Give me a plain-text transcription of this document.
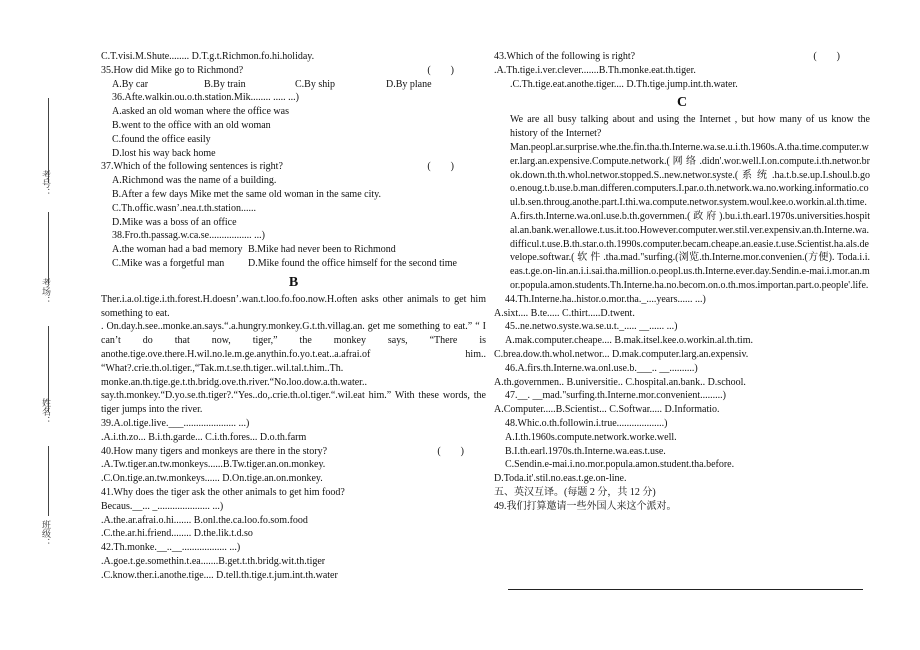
考号：
考场：
姓名：
班级：
C.T.visi.M.Shute........ D.T.g.t.Richmon.fo.hi.holiday.
35.How did Mike go to Richmond?	(　　)
A.By car	B.By train	C.By ship	D.By plane
36.Afte.walkin.ou.o.th.station.Mik........ ..... ...)
A.asked an old woman where the office was
B.went to the office with an old woman
C.found the office easily
D.lost his way back home
37.Which of the following sentences is right?	(　　)
A.Richmond was the name of a building.
B.After a few days Mike met the same old woman in the same city.
C.Th.offic.wasn’.nea.t.th.station......
D.Mike was a boss of an office
38.Fro.th.passag.w.ca.se................. ...)
A.the woman had a bad memory B.Mike had never been to Richmond
C.Mike was a forgetful man	D.Mike found the office himself for the second time
B
Ther.i.a.ol.tige.i.th.forest.H.doesn’.wan.t.loo.fo.foo.now.H.often asks other animals to get him something to eat.
. On.day.h.see..monke.an.says.“.a.hungry.monkey.G.t.th.villag.an. get me something to eat.” “ I can’t do that now, tiger,” the monkey says, “There is anothe.tige.ove.there.H.wil.no.le.m.ge.anythin.fo.yo.t.eat..a.afrai.of him.. “What?.crie.th.ol.tiger.,“Tak.m.t.se.th.tiger..wil.tal.t.him..Th. monke.an.th.tige.ge.t.th.bridg.ove.th.river.“No.loo.dow.a.th.water.. say.th.monkey.“D.yo.se.th.tiger?.“Yes..do,.crie.th.ol.tiger.“.wil.eat him.” With these words, the tiger jumps into the river.
39.A.ol.tige.live.___..................... ...)
.A.i.th.zo... B.i.th.garde... C.i.th.fores... D.o.th.farm
40.How many tigers and monkeys are there in the story?	(　　)
.A.Tw.tiger.an.tw.monkeys......B.Tw.tiger.an.on.monkey.
.C.On.tige.an.tw.monkeys...... D.On.tige.an.on.monkey.
41.Why does the tiger ask the other animals to get him food?
Becaus.__... _..................... ...)
.A.the.ar.afrai.o.hi....... B.onl.the.ca.loo.fo.som.food
.C.the.ar.hi.friend........ D.the.lik.t.d.so
42.Th.monke.__..__.................. ...)
.A.goe.t.ge.somethin.t.ea.......B.get.t.th.bridg.wit.th.tiger
.C.know.ther.i.anothe.tige.... D.tell.th.tige.t.jum.int.th.water
43.Which of the following is right?	(　　)
.A.Th.tige.i.ver.clever.......B.Th.monke.eat.th.tiger.
.C.Th.tige.eat.anothe.tiger.... D.Th.tige.jump.int.th.water.
C
We are all busy talking about and using the Internet , but how many of us know the history of the Internet?
Man.peopl.ar.surprise.whe.the.fin.tha.th.Interne.wa.se.u.i.th.1960s.A.tha.time.computer.wer.larg.an.expensive.Compute.network.( 网 络 .didn'.wor.well.I.on.compute.i.th.networ.brok.down.th.th.whol.networ.stopped.S..new.networ.syste.( 系 统 .ha.t.b.se.up.I.shoul.b.goo.enoug.t.b.use.b.man.differen.computers.I.par.o.th.network.wa.no.working.informatio.coul.b.sen.throug.anothe.part.I.thi.wa.compute.networ.system.woul.kee.o.workin.al.th.time.
A.firs.th.Interne.wa.onl.use.b.th.governmen.( 政 府 ).bu.i.th.earl.1970s.universities.hospital.an.bank.wer.allowe.t.us.it.too.However.computer.wer.stil.ver.expensiv.an.th.Interne.wa.difficul.t.use.B.th.star.o.th.1990s.computer.becam.cheape.an.easie.t.use.Scientist.ha.als.develope.softwar.( 软 件 .tha.mad."surfing.(浏览.th.Interne.mor.convenien.(方便). Toda.i.i.eas.t.ge.on-lin.an.i.i.sai.tha.million.o.peopl.us.th.Interne.ever.day.Sendin.e-mai.i.mor.an.mor.popula.amon.students.Th.Interne.ha.no.becom.on.o.th.mos.importan.part.o.people'.life.
44.Th.Interne.ha..histor.o.mor.tha._....years...... ...)
A.sixt.... B.te..... C.thirt.....D.twent.
45..ne.netwo.syste.wa.se.u.t._..... __...... ...)
A.mak.computer.cheape.... B.mak.itsel.kee.o.workin.al.th.tim.
C.brea.dow.th.whol.networ... D.mak.computer.larg.an.expensiv.
46.A.firs.th.Interne.wa.onl.use.b.___.. __..........)
A.th.governmen.. B.universitie.. C.hospital.an.bank.. D.school.
47.__. __mad."surfing.th.Interne.mor.convenient.........)
A.Computer.....B.Scientist... C.Softwar..... D.Informatio.
48.Whic.o.th.followin.i.true...................)
A.I.th.1960s.compute.network.worke.well.
B.I.th.earl.1970s.th.Interne.wa.eas.t.use.
C.Sendin.e-mai.i.no.mor.popula.amon.student.tha.before.
D.Toda.it'.stil.no.eas.t.ge.on-line.
五、英汉互译。(每题 2 分，共 12 分)
49.我们打算邀请一些外国人来这个派对。
